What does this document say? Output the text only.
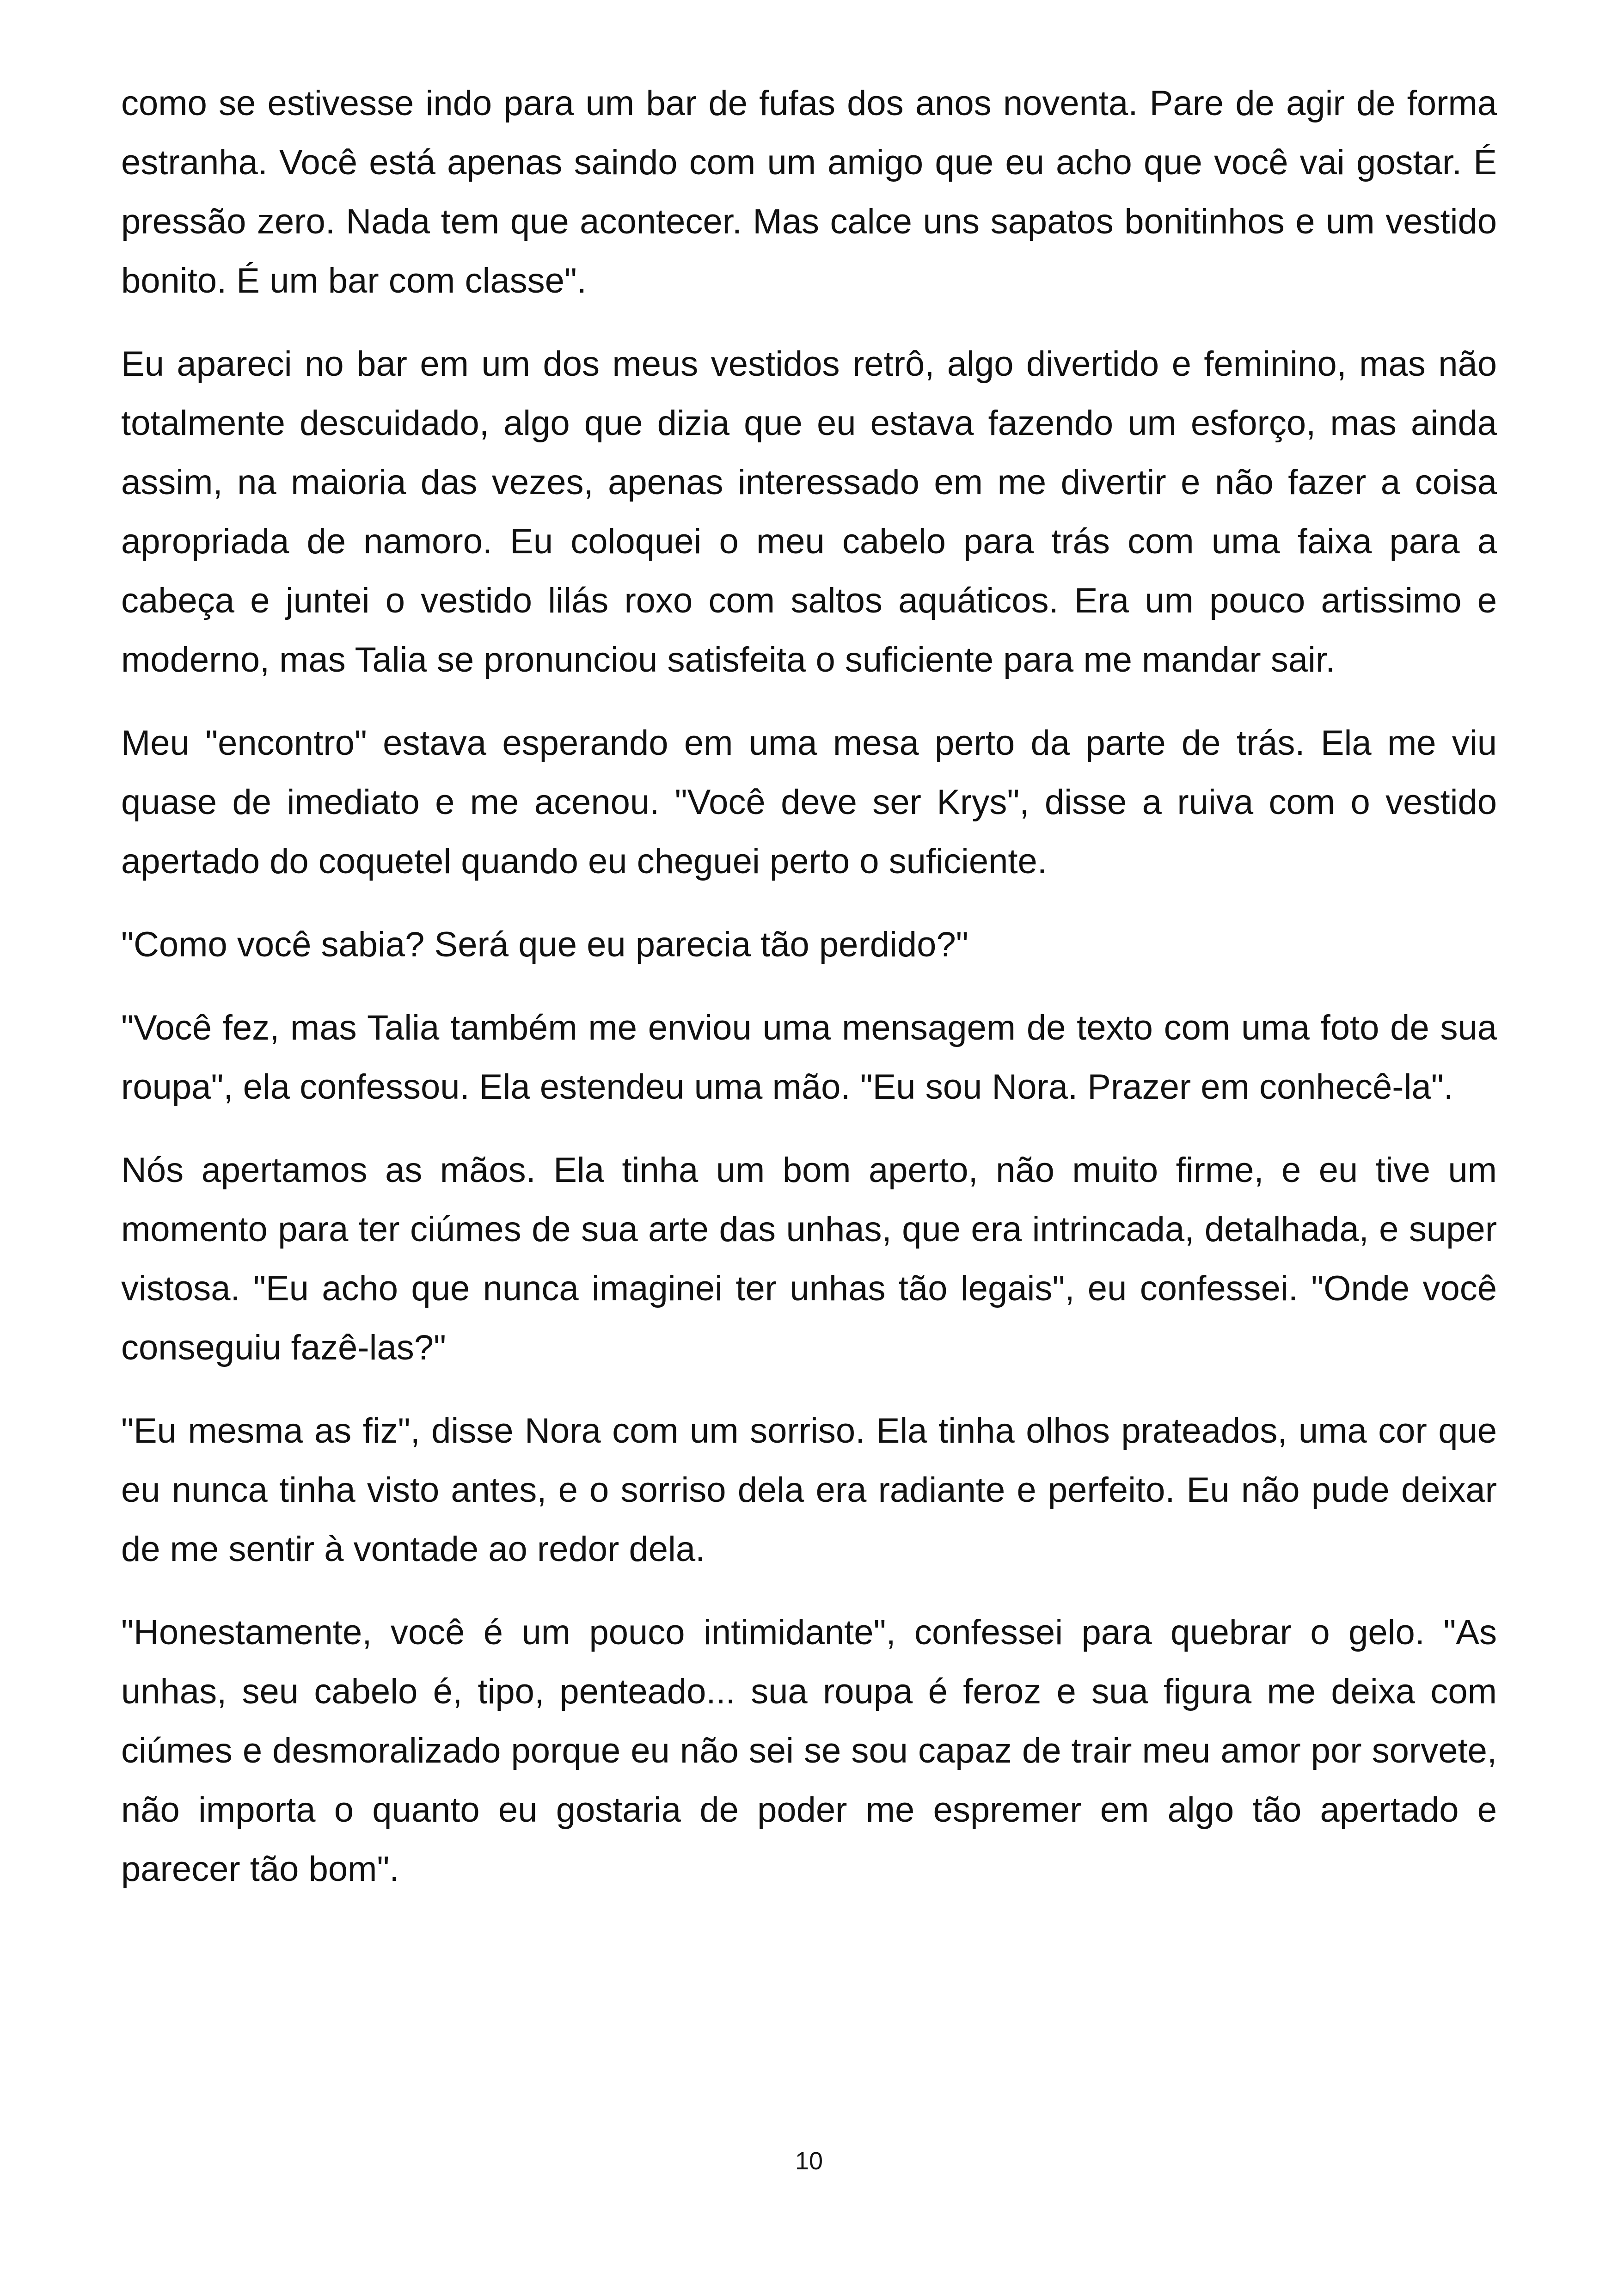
como se estivesse indo para um bar de fufas dos anos noventa. Pare de agir de forma estranha. Você está apenas saindo com um amigo que eu acho que você vai gostar. É pressão zero. Nada tem que acontecer. Mas calce uns sapatos bonitinhos e um vestido bonito. É um bar com classe".

Eu apareci no bar em um dos meus vestidos retrô, algo divertido e feminino, mas não totalmente descuidado, algo que dizia que eu estava fazendo um esforço, mas ainda assim, na maioria das vezes, apenas interessado em me divertir e não fazer a coisa apropriada de namoro. Eu coloquei o meu cabelo para trás com uma faixa para a cabeça e juntei o vestido lilás roxo com saltos aquáticos. Era um pouco artissimo e moderno, mas Talia se pronunciou satisfeita o suficiente para me mandar sair.

Meu "encontro" estava esperando em uma mesa perto da parte de trás. Ela me viu quase de imediato e me acenou. "Você deve ser Krys", disse a ruiva com o vestido apertado do coquetel quando eu cheguei perto o suficiente.

"Como você sabia? Será que eu parecia tão perdido?"

"Você fez, mas Talia também me enviou uma mensagem de texto com uma foto de sua roupa", ela confessou. Ela estendeu uma mão. "Eu sou Nora. Prazer em conhecê-la".

Nós apertamos as mãos. Ela tinha um bom aperto, não muito firme, e eu tive um momento para ter ciúmes de sua arte das unhas, que era intrincada, detalhada, e super vistosa. "Eu acho que nunca imaginei ter unhas tão legais", eu confessei. "Onde você conseguiu fazê-las?"

"Eu mesma as fiz", disse Nora com um sorriso. Ela tinha olhos prateados, uma cor que eu nunca tinha visto antes, e o sorriso dela era radiante e perfeito. Eu não pude deixar de me sentir à vontade ao redor dela.

"Honestamente, você é um pouco intimidante", confessei para quebrar o gelo. "As unhas, seu cabelo é, tipo, penteado... sua roupa é feroz e sua figura me deixa com ciúmes e desmoralizado porque eu não sei se sou capaz de trair meu amor por sorvete, não importa o quanto eu gostaria de poder me espremer em algo tão apertado e parecer tão bom".

10
